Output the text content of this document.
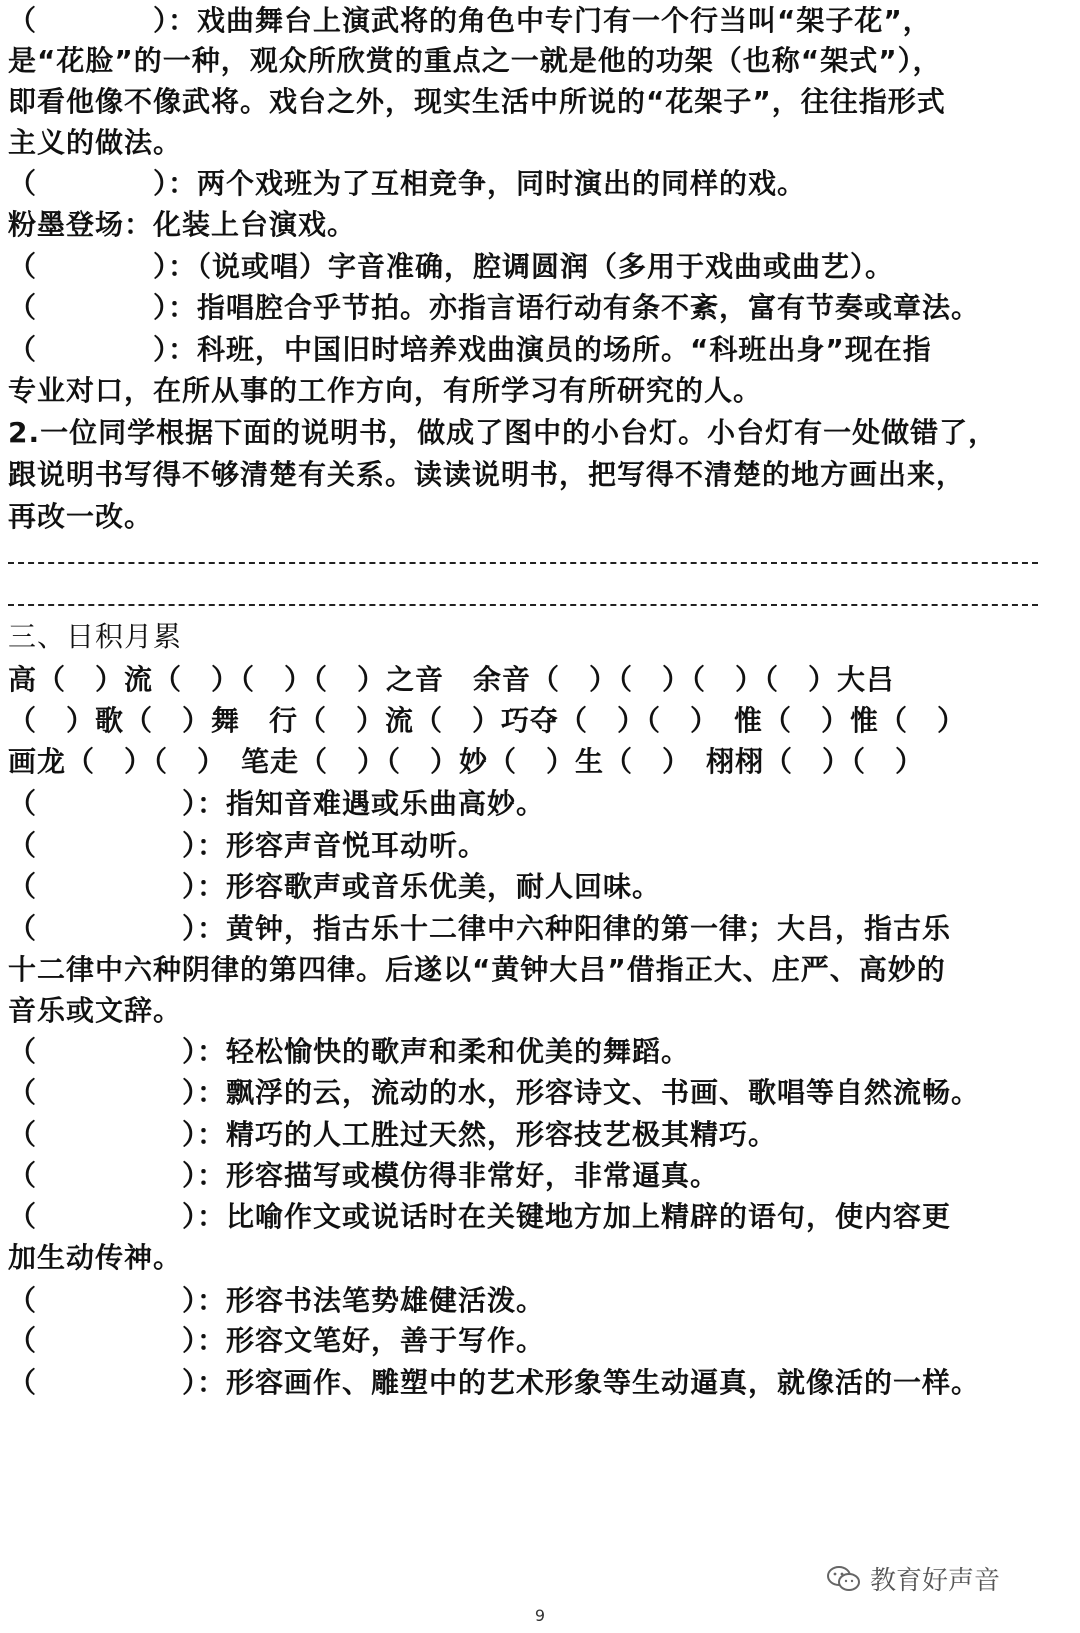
（　　　　）：戏曲舞台上演武将的角色中专门有一个行当叫“架子花”，
是“花脸”的一种，观众所欣赏的重点之一就是他的功架（也称“架式”），
即看他像不像武将。戏台之外，现实生活中所说的“花架子”，往往指形式
主义的做法。
（　　　　）：两个戏班为了互相竞争，同时演出的同样的戏。
粉墨登场：化装上台演戏。
（　　　　）：（说或唱）字音准确，腔调圆润（多用于戏曲或曲艺）。
（　　　　）：指唱腔合乎节拍。亦指言语行动有条不紊，富有节奏或章法。
（　　　　）：科班，中国旧时培养戏曲演员的场所。“科班出身”现在指
专业对口，在所从事的工作方向，有所学习有所研究的人。
2.一位同学根据下面的说明书，做成了图中的小台灯。小台灯有一处做错了，
跟说明书写得不够清楚有关系。读读说明书，把写得不清楚的地方画出来，
再改一改。
三、日积月累
高（　）流（　）（　）（　）之音　余音（　）（　）（　）（　）大吕
（　）歌（　）舞　行（　）流（　）巧夺（　）（　）　惟（　）惟（　）
画龙（　）（　）　笔走（　）（　）妙（　）生（　）　栩栩（　）（　）
（　　　　　）：指知音难遇或乐曲高妙。
（　　　　　）：形容声音悦耳动听。
（　　　　　）：形容歌声或音乐优美，耐人回味。
（　　　　　）：黄钟，指古乐十二律中六种阳律的第一律；大吕，指古乐
十二律中六种阴律的第四律。后遂以“黄钟大吕”借指正大、庄严、高妙的
音乐或文辞。
（　　　　　）：轻松愉快的歌声和柔和优美的舞蹈。
（　　　　　）：飘浮的云，流动的水，形容诗文、书画、歌唱等自然流畅。
（　　　　　）：精巧的人工胜过天然，形容技艺极其精巧。
（　　　　　）：形容描写或模仿得非常好，非常逼真。
（　　　　　）：比喻作文或说话时在关键地方加上精辟的语句，使内容更
加生动传神。
（　　　　　）：形容书法笔势雄健活泼。
（　　　　　）：形容文笔好，善于写作。
（　　　　　）：形容画作、雕塑中的艺术形象等生动逼真，就像活的一样。
教育好声音
9
